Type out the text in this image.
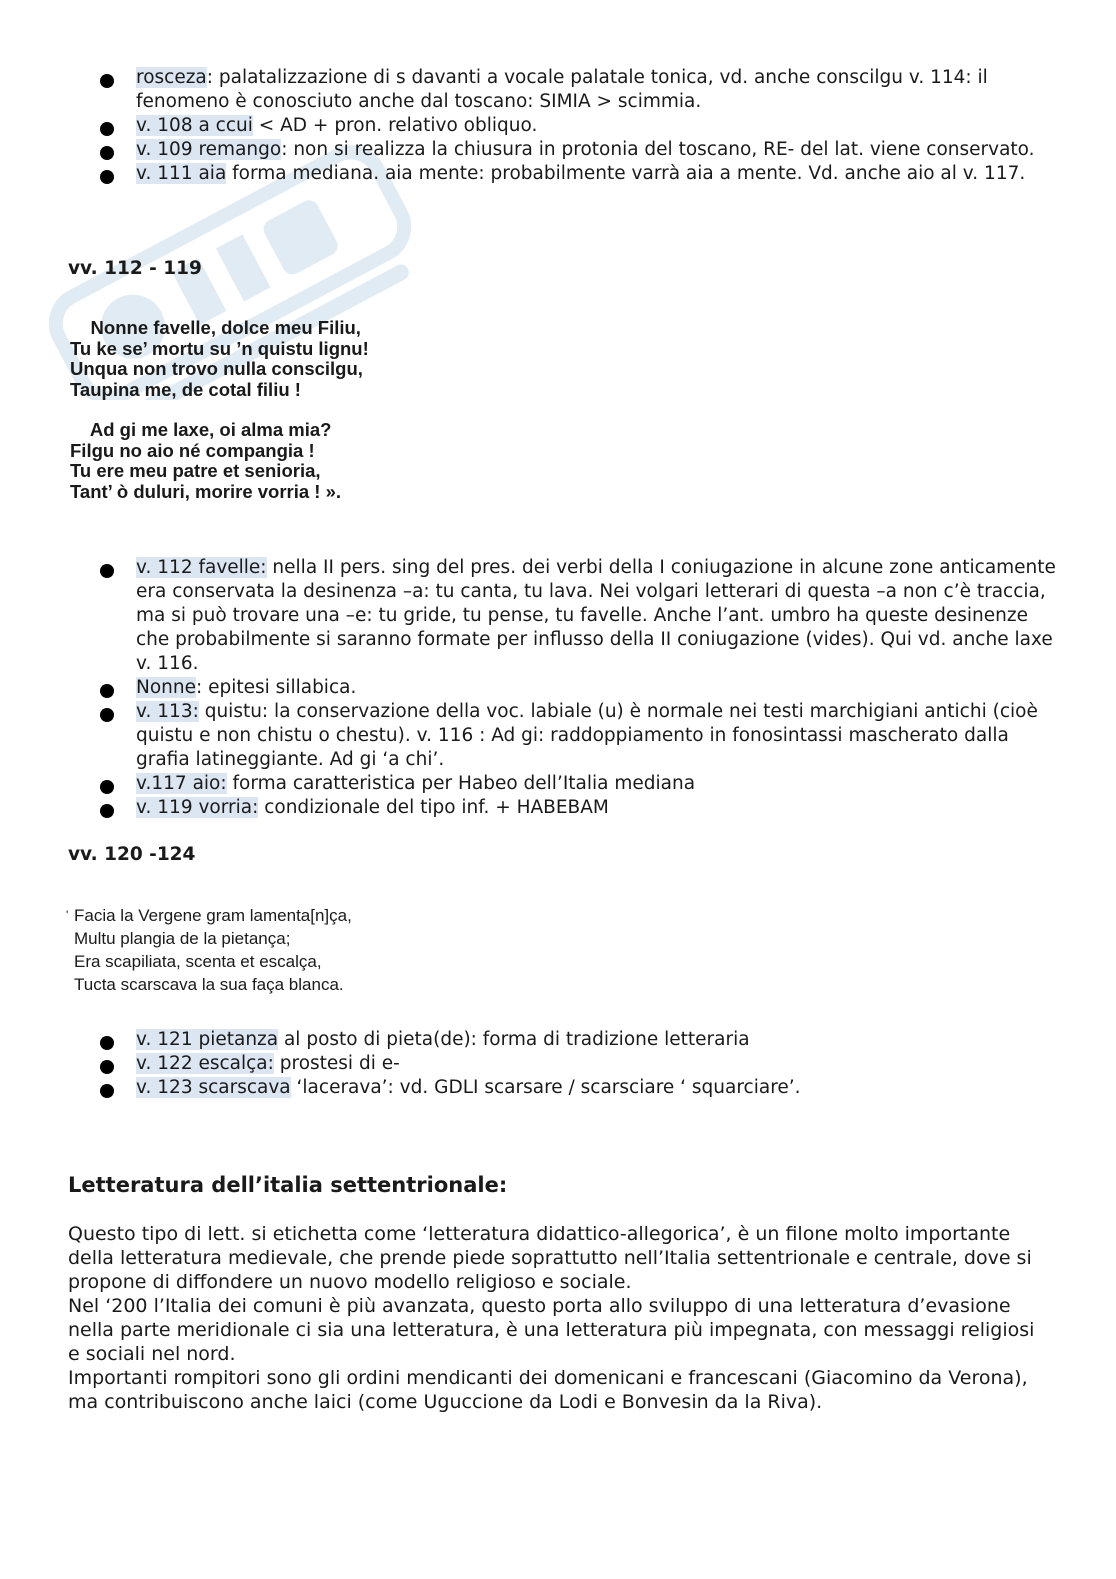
rosceza: palatalizzazione di s davanti a vocale palatale tonica, vd. anche conscilgu v. 114: il fenomeno è conosciuto anche dal toscano: SIMIA > scimmia.
v. 108 a ccui < AD + pron. relativo obliquo.
v. 109 remango: non si realizza la chiusura in protonia del toscano, RE- del lat. viene conservato.
v. 111 aia forma mediana. aia mente: probabilmente varrà aia a mente. Vd. anche aio al v. 117.
vv. 112 - 119
Nonne favelle, dolce meu Filiu,
Tu ke se’ mortu su ’n quistu lignu!
Unqua non trovo nulla conscilgu,
Taupina me, de cotal filiu !
Ad gi me laxe, oi alma mia?
Filgu no aio né compangia !
Tu ere meu patre et senioria,
Tant’ ò duluri, morire vorria ! ».
v. 112 favelle: nella II pers. sing del pres. dei verbi della I coniugazione in alcune zone anticamente era conservata la desinenza –a: tu canta, tu lava. Nei volgari letterari di questa –a non c’è traccia, ma si può trovare una –e: tu gride, tu pense, tu favelle. Anche l’ant. umbro ha queste desinenze che probabilmente si saranno formate per influsso della II coniugazione (vides). Qui vd. anche laxe v. 116.
Nonne: epitesi sillabica.
v. 113: quistu: la conservazione della voc. labiale (u) è normale nei testi marchigiani antichi (cioè quistu e non chistu o chestu). v. 116 : Ad gi: raddoppiamento in fonosintassi mascherato dalla grafia latineggiante. Ad gi ‘a chi’.
v.117 aio: forma caratteristica per Habeo dell’Italia mediana
v. 119 vorria: condizionale del tipo inf. + HABEBAM
vv. 120 -124
' Facia la Vergene gram lamenta[n]ça,
Multu plangia de la pietança;
Era scapiliata, scenta et escalça,
Tucta scarscava la sua faça blanca.
v. 121 pietanza al posto di pieta(de): forma di tradizione letteraria
v. 122 escalça: prostesi di e-
v. 123 scarscava ‘lacerava’: vd. GDLI scarsare / scarsciare ‘ squarciare’.
Letteratura dell’italia settentrionale:

Questo tipo di lett. si etichetta come ‘letteratura didattico-allegorica’, è un filone molto importante della letteratura medievale, che prende piede soprattutto nell’Italia settentrionale e centrale, dove si propone di diffondere un nuovo modello religioso e sociale.

Nel ‘200 l’Italia dei comuni è più avanzata, questo porta allo sviluppo di una letteratura d’evasione nella parte meridionale ci sia una letteratura, è una letteratura più impegnata, con messaggi religiosi e sociali nel nord.

Importanti rompitori sono gli ordini mendicanti dei domenicani e francescani (Giacomino da Verona), ma contribuiscono anche laici (come Uguccione da Lodi e Bonvesin da la Riva).
